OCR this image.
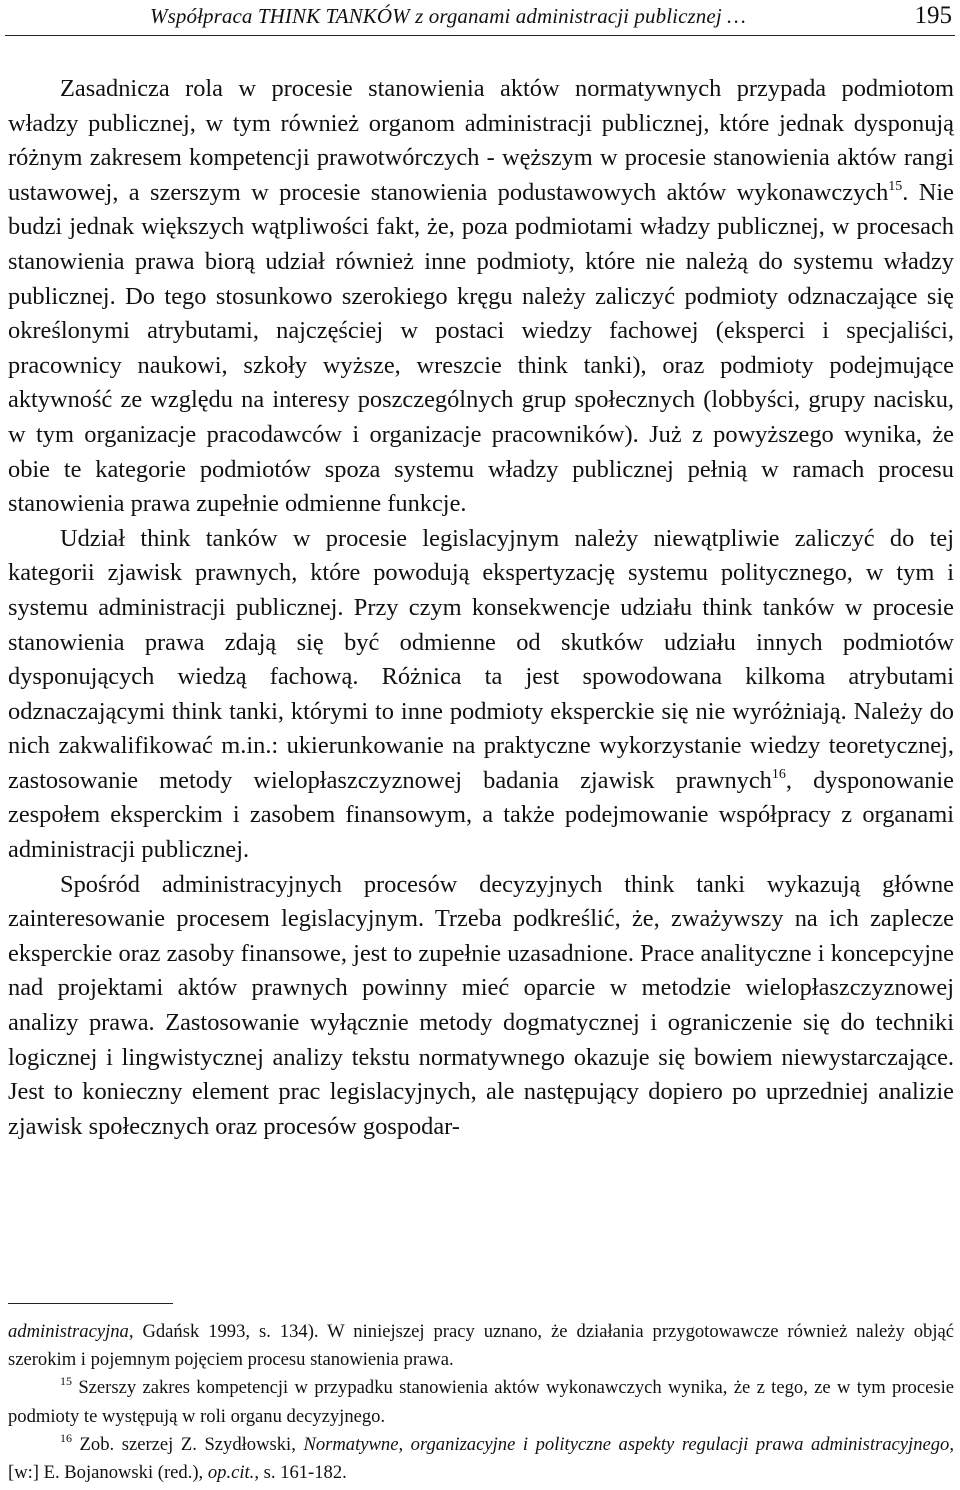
Współpraca THINK TANKÓW z organami administracji publicznej …	195

Zasadnicza rola w procesie stanowienia aktów normatywnych przypada podmiotom władzy publicznej, w tym również organom administracji publicznej, które jednak dysponują różnym zakresem kompetencji prawotwórczych - węższym w procesie stanowienia aktów rangi ustawowej, a szerszym w procesie stanowienia podustawowych aktów wykonawczych$^{15}$. Nie budzi jednak większych wątpliwości fakt, że, poza podmiotami władzy publicznej, w procesach stanowienia prawa biorą udział również inne podmioty, które nie należą do systemu władzy publicznej. Do tego stosunkowo szerokiego kręgu należy zaliczyć podmioty odznaczające się określonymi atrybutami, najczęściej w postaci wiedzy fachowej (eksperci i specjaliści, pracownicy naukowi, szkoły wyższe, wreszcie think tanki), oraz podmioty podejmujące aktywność ze względu na interesy poszczególnych grup społecznych (lobbyści, grupy nacisku, w tym organizacje pracodawców i organizacje pracowników). Już z powyższego wynika, że obie te kategorie podmiotów spoza systemu władzy publicznej pełnią w ramach procesu stanowienia prawa zupełnie odmienne funkcje.

Udział think tanków w procesie legislacyjnym należy niewątpliwie zaliczyć do tej kategorii zjawisk prawnych, które powodują ekspertyzację systemu politycznego, w tym i systemu administracji publicznej. Przy czym konsekwencje udziału think tanków w procesie stanowienia prawa zdają się być odmienne od skutków udziału innych podmiotów dysponujących wiedzą fachową. Różnica ta jest spowodowana kilkoma atrybutami odznaczającymi think tanki, którymi to inne podmioty eksperckie się nie wyróżniają. Należy do nich zakwalifikować m.in.: ukierunkowanie na praktyczne wykorzystanie wiedzy teoretycznej, zastosowanie metody wielopłaszczyznowej badania zjawisk prawnych$^{16}$, dysponowanie zespołem eksperckim i zasobem finansowym, a także podejmowanie współpracy z organami administracji publicznej.

Spośród administracyjnych procesów decyzyjnych think tanki wykazują główne zainteresowanie procesem legislacyjnym. Trzeba podkreślić, że, zważywszy na ich zaplecze eksperckie oraz zasoby finansowe, jest to zupełnie uzasadnione. Prace analityczne i koncepcyjne nad projektami aktów prawnych powinny mieć oparcie w metodzie wielopłaszczyznowej analizy prawa. Zastosowanie wyłącznie metody dogmatycznej i ograniczenie się do techniki logicznej i lingwistycznej analizy tekstu normatywnego okazuje się bowiem niewystarczające. Jest to konieczny element prac legislacyjnych, ale następujący dopiero po uprzedniej analizie zjawisk społecznych oraz procesów gospodar-

administracyjna, Gdańsk 1993, s. 134). W niniejszej pracy uznano, że działania przygotowawcze również należy objąć szerokim i pojemnym pojęciem procesu stanowienia prawa.

$^{15}$ Szerszy zakres kompetencji w przypadku stanowienia aktów wykonawczych wynika, że z tego, ze w tym procesie podmioty te występują w roli organu decyzyjnego.

$^{16}$ Zob. szerzej Z. Szydłowski, Normatywne, organizacyjne i polityczne aspekty regulacji prawa administracyjnego, [w:] E. Bojanowski (red.), op.cit., s. 161-182.
